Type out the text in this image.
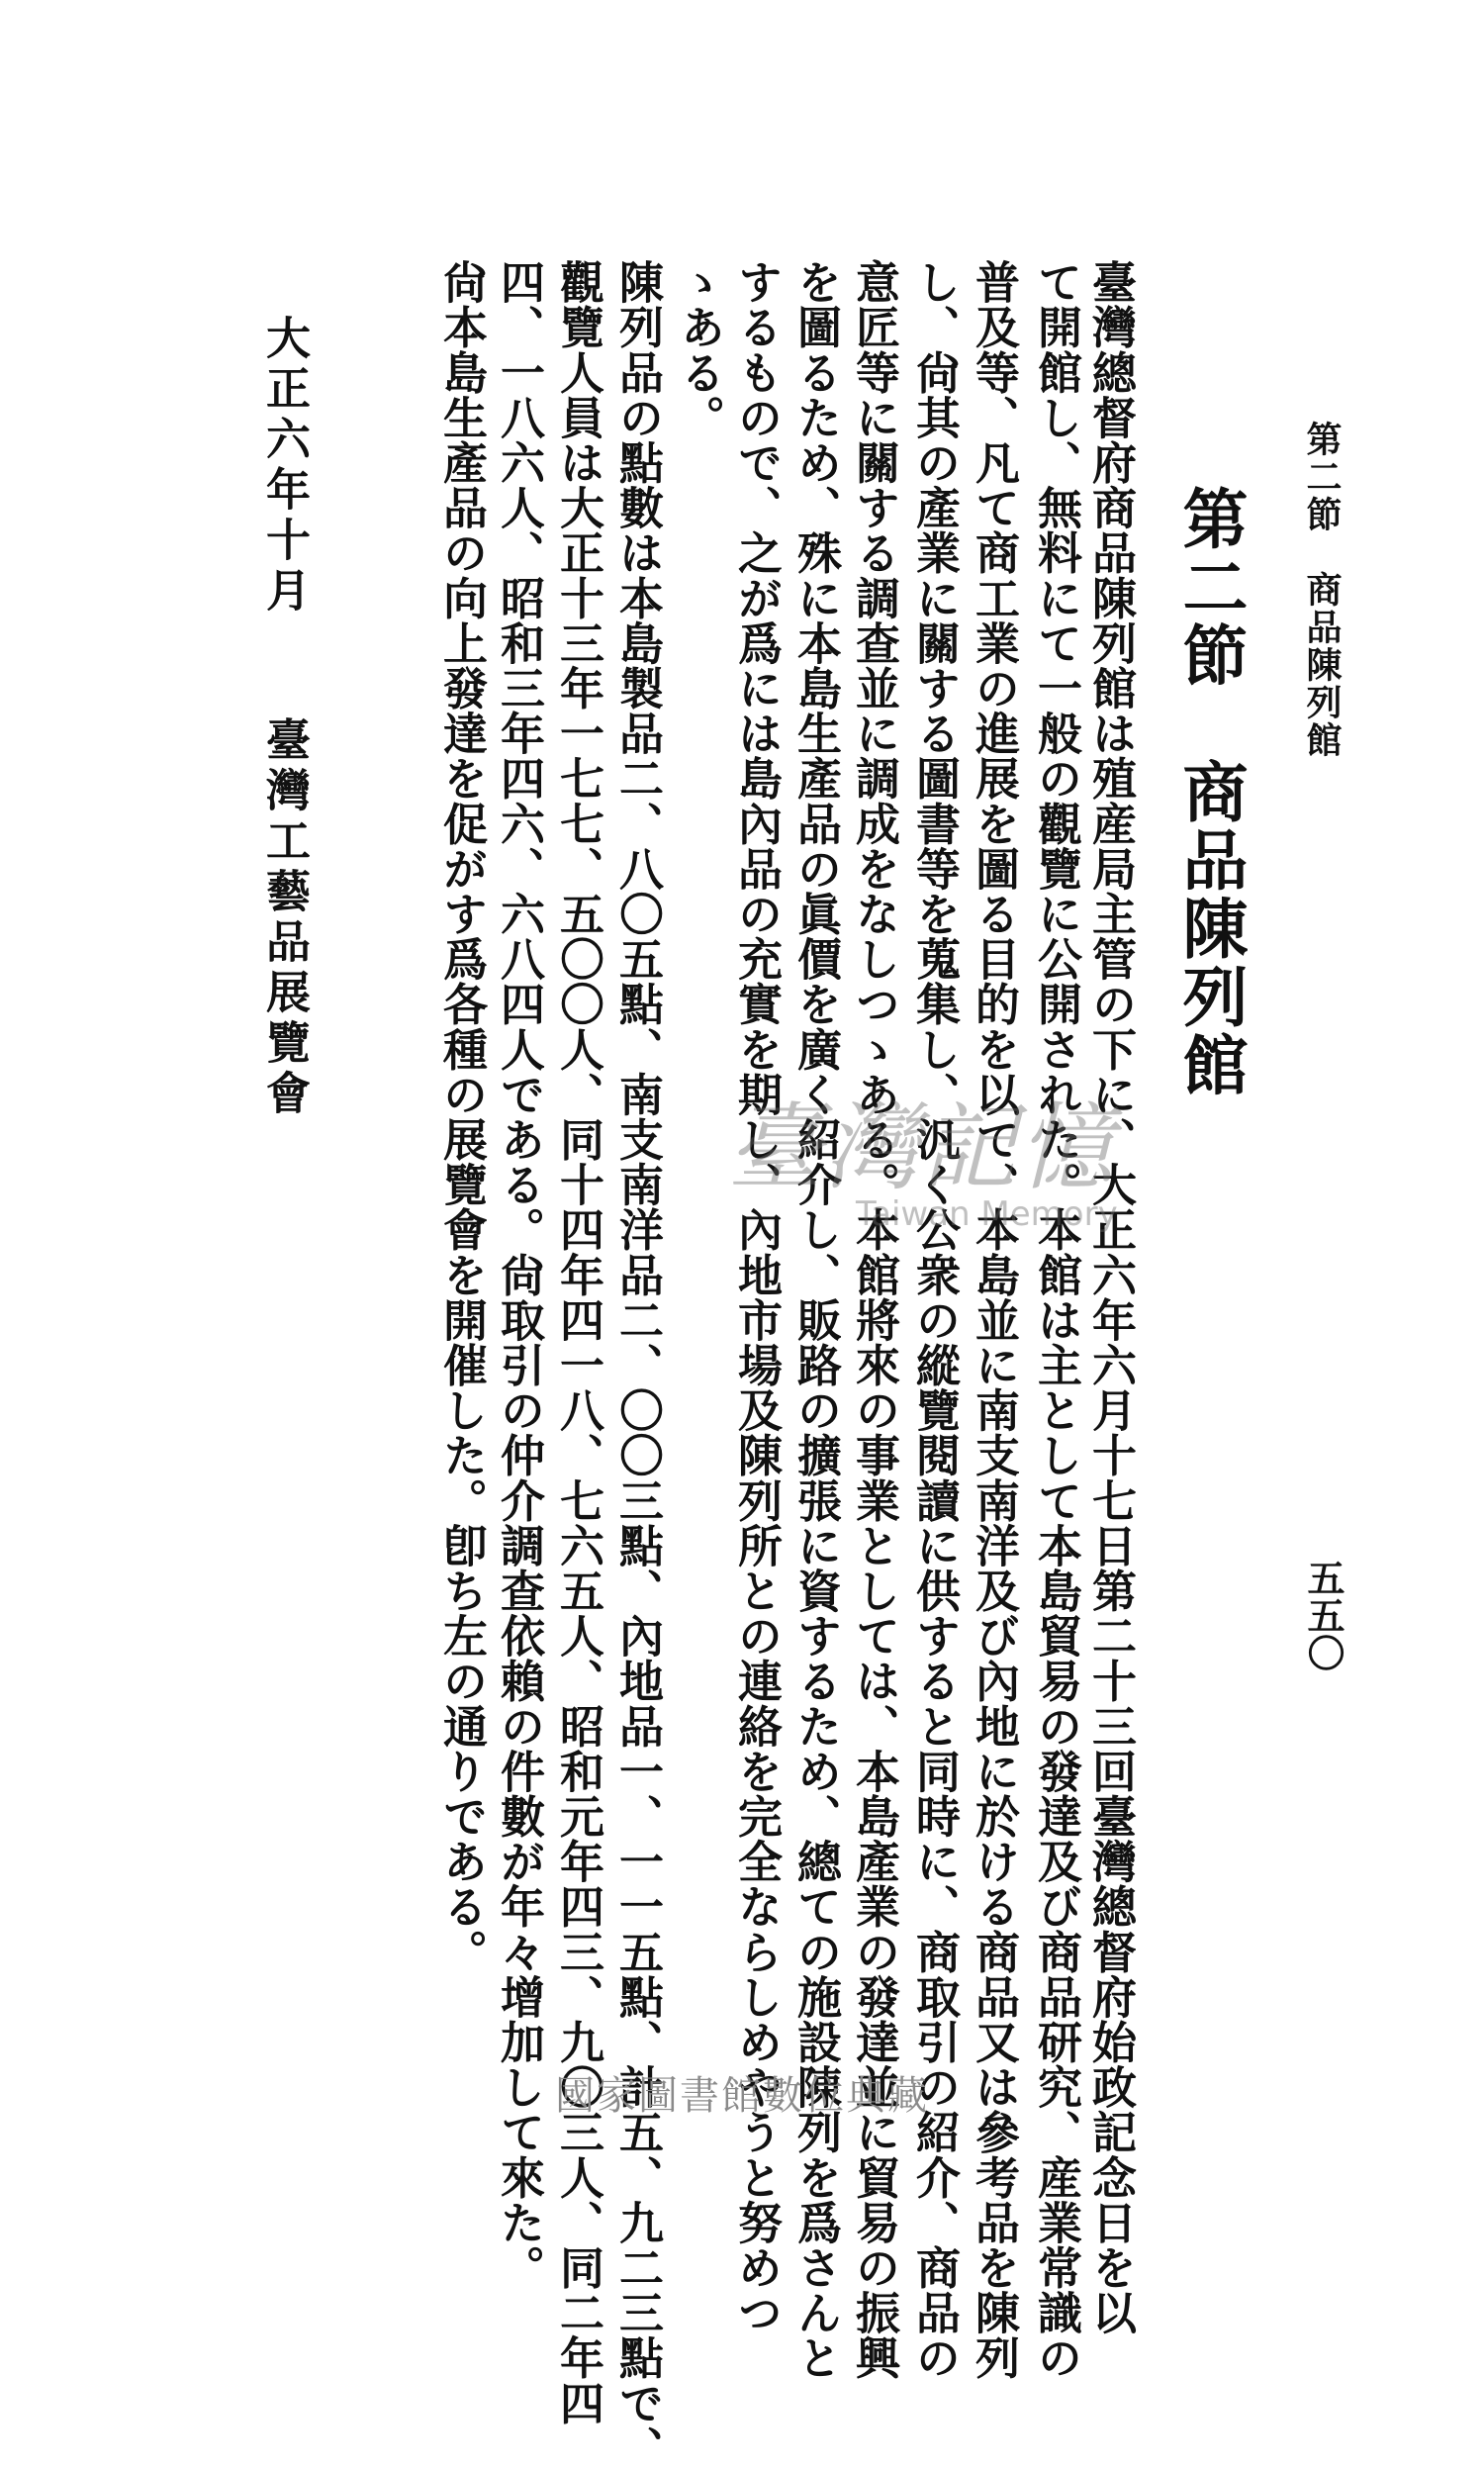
第二節　商品陳列館
五五〇
第二節　商品陳列館
臺灣總督府商品陳列館は殖産局主管の下に、大正六年六月十七日第二十三回臺灣總督府始政記念日を以
て開館し、無料にて一般の觀覽に公開された。本館は主として本島貿易の發達及び商品研究、産業常識の
普及等、凡て商工業の進展を圖る目的を以て、本島並に南支南洋及び內地に於ける商品又は參考品を陳列
し、尙其の產業に關する圖書等を蒐集し、汎く公衆の縱覽閱讀に供すると同時に、商取引の紹介、商品の
意匠等に關する調查並に調成をなしつゝある。本館將來の事業としては、本島產業の發達並に貿易の振興
を圖るため、殊に本島生產品の眞價を廣く紹介し、販路の擴張に資するため、總ての施設陳列を爲さんと
するもので、之が爲には島內品の充實を期し、內地市場及陳列所との連絡を完全ならしめやうと努めつ
ゝある。
陳列品の點數は本島製品二、八〇五點、南支南洋品二、〇〇三點、內地品一、一一五點、計五、九二三點で、
觀覽人員は大正十三年一七七、五〇〇人、同十四年四一八、七六五人、昭和元年四三、九〇三人、同二年四
四、一八六人、昭和三年四六、六八四人である。尙取引の仲介調查依賴の件數が年々增加して來た。
尙本島生產品の向上發達を促がす爲各種の展覽會を開催した。卽ち左の通りである。
大正六年十月臺灣工藝品展覽會
臺灣記憶
Taiwan Memory
國家圖書館數位典藏
